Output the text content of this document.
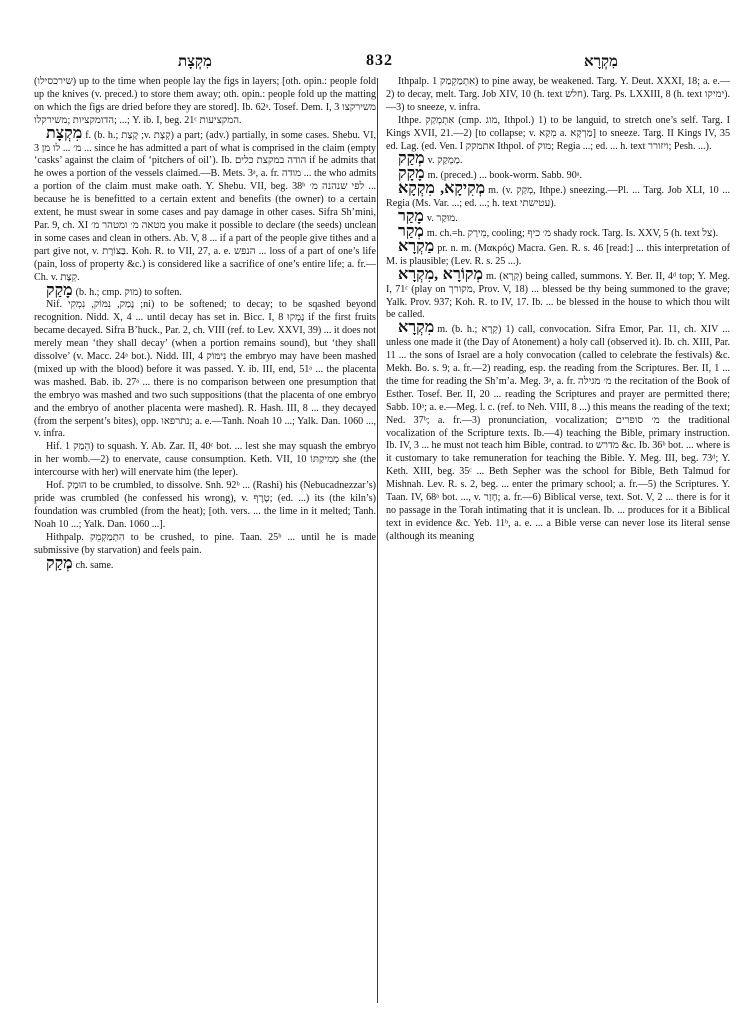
מִקְצָת	832	מִקְרָא

(שירכסילו) up to the time when people lay the figs in layers; [oth. opin.: people fold up the knives (v. preced.) to store them away; oth. opin.: people fold up the matting on which the figs are dried before they are stored]. Ib. 62ᵃ. Tosef. Dem. I, 3 משירקצו ;הדומקציות ;משירקלו ...; Y. ib. I, beg. 21ᶜ המקציעות.

מִקְצָת f. (b. h.; קָצַת ;v. קְצָת) a part; (adv.) partially, in some cases. Shebu. VI, 3 מ׳ ... לו מן ... since he has admitted a part of what is comprised in the claim (empty ‘casks’ against the claim of ‘pitchers of oil’). Ib. הודה במקצת כלים if he admits that he owes a portion of the vessels claimed.—B. Mets. 3ᵃ, a. fr. מודה ... the who admits a portion of the claim must make oath. Y. Shebu. VII, beg. 38ᵇ לפי שנהנה מ׳ ... because he is benefitted to a certain extent and benefits (the owner) to a certain extent, he must swear in some cases and pay damage in other cases. Sifra Sh’mini, Par. 9, ch. XI מטאה מ׳ ומטהר מ׳ you make it possible to declare (the seeds) unclean in some cases and clean in others. Ab. V, 8 ... if a part of the people give tithes and a part give not, v. בַּצּוֹרֶת. Koh. R. to VII, 27, a. e. הנפש ... loss of a part of one’s life (pain, loss of property &c.) is considered like a sacrifice of one’s entire life; a. fr.—Ch. v. קְצָת.

מָקַק (b. h.; cmp. מוק) to soften.

Nif. נָמַק, נִמּוֹק, נִמְקִי ;ni) to be softened; to decay; to be sqashed beyond recognition. Nidd. X, 4 ... until decay has set in. Bicc. I, 8 נָמְקוּ if the first fruits became decayed. Sifra B’huck., Par. 2, ch. VIII (ref. to Lev. XXVI, 39) ... it does not merely mean ‘they shall decay’ (when a portion remains sound), but ‘they shall dissolve’ (v. Macc. 24ᵃ bot.). Nidd. III, 4 נִימּוֹק the embryo may have been mashed (mixed up with the blood) before it was passed. Y. ib. III, end, 51ᵃ ... the placenta was mashed. Bab. ib. 27ᵃ ... there is no comparison between one presumption that the embryo was mashed and two such suppositions (that the placenta of one embryo and the embryo of another placenta were mashed). R. Hash. III, 8 ... they decayed (from the serpent’s bites), opp. נתרפאו; a. e.—Tanh. Noah 10 ...; Yalk. Dan. 1060 ..., v. infra.

Hif. הֵמַק 1) to squash. Y. Ab. Zar. II, 40ᶜ bot. ... lest she may squash the embryo in her womb.—2) to enervate, cause consumption. Keth. VII, 10 מְמִיקַתּוֹ she (the intercourse with her) will enervate him (the leper).

Hof. הוּמַק to be crumbled, to dissolve. Snh. 92ᵇ ... (Rashi) his (Nebucadnezzar’s) pride was crumbled (he confessed his wrong), v. טֶרֶף; (ed. ...) its (the kiln’s) foundation was crumbled (from the heat); [oth. vers. ... the lime in it melted; Tanh. Noah 10 ...; Yalk. Dan. 1060 ...].

Hithpalp. הִתְמַקְמֵק to be crushed, to pine. Taan. 25ᵇ ... until he is made submissive (by starvation) and feels pain.

מְקַק ch. same.

Ithpalp. אִתְמַקְמַק 1) to pine away, be weakened. Targ. Y. Deut. XXXI, 18; a. e.—2) to decay, melt. Targ. Job XIV, 10 (h. text חלש). Targ. Ps. LXXIII, 8 (h. text ימיקו).—3) to sneeze, v. infra.

Ithpe. אִתְמְקַק (cmp. מוג, Ithpol.) 1) to be languid, to stretch one’s self. Targ. I Kings XVII, 21.—2) [to collapse; v. מְקַא a. מַרְקָא] to sneeze. Targ. II Kings IV, 35 ed. Lag. (ed. Ven. I אתמקק Ithpol. of מוק; Regia ...; ed. ... h. text ויזורר; Pesh. ...).

מְקַק v. מַמְקַק.

מָקָק m. (preced.) ... book-worm. Sabb. 90ᵃ.

מְקִיקָא, מִקְקָא m. (v. מְקַק, Ithpe.) sneezing.—Pl. ... Targ. Job XLI, 10 ... Regia (Ms. Var. ...; ed. ...; h. text עטישתי).

מָקַר v. מוּקַר.

מְקַר m. ch.=h. מֵירַק, cooling; מ׳ כיף shady rock. Targ. Is. XXV, 5 (h. text צל).

מַקְרָא pr. n. m. (Μακρός) Macra. Gen. R. s. 46 [read:] ... this interpretation of M. is plausible; (Lev. R. s. 25 ...).

מְקוֹרָא ,מִקְרָא m. (קְרָא) being called, summons. Y. Ber. II, 4ᵈ top; Y. Meg. I, 71ᶜ (play on מקורך, Prov. V, 18) ... blessed be thy being summoned to the grave; Yalk. Prov. 937; Koh. R. to IV, 17. Ib. ... be blessed in the house to which thou wilt be called.

מִקְרָא m. (b. h.; קְרָא) 1) call, convocation. Sifra Emor, Par. 11, ch. XIV ... unless one made it (the Day of Atonement) a holy call (observed it). Ib. ch. XIII, Par. 11 ... the sons of Israel are a holy convocation (called to celebrate the festivals) &c. Mekh. Bo. s. 9; a. fr.—2) reading, esp. the reading from the Scriptures. Ber. II, 1 ... the time for reading the Sh’m’a. Meg. 3ᵃ, a. fr. מ׳ מגילה the recitation of the Book of Esther. Tosef. Ber. II, 20 ... reading the Scriptures and prayer are permitted there; Sabb. 10ᵃ; a. e.—Meg. l. c. (ref. to Neh. VIII, 8 ...) this means the reading of the text; Ned. 37ᵇ; a. fr.—3) pronunciation, vocalization; מ׳ סופרים the traditional vocalization of the Scripture texts. Ib.—4) teaching the Bible, primary instruction. Ib. IV, 3 ... he must not teach him Bible, contrad. to מדרש &c. Ib. 36ᵇ bot. ... where is it customary to take remuneration for teaching the Bible. Y. Meg. III, beg. 73ᵈ; Y. Keth. XIII, beg. 35ᶜ ... Beth Sepher was the school for Bible, Beth Talmud for Mishnah. Lev. R. s. 2, beg. ... enter the primary school; a. fr.—5) the Scriptures. Y. Taan. IV, 68ᵃ bot. ..., v. חָזַר; a. fr.—6) Biblical verse, text. Sot. V, 2 ... there is for it no passage in the Torah intimating that it is unclean. Ib. ... produces for it a Biblical text in evidence &c. Yeb. 11ᵇ, a. e. ... a Bible verse can never lose its literal sense (although its meaning
